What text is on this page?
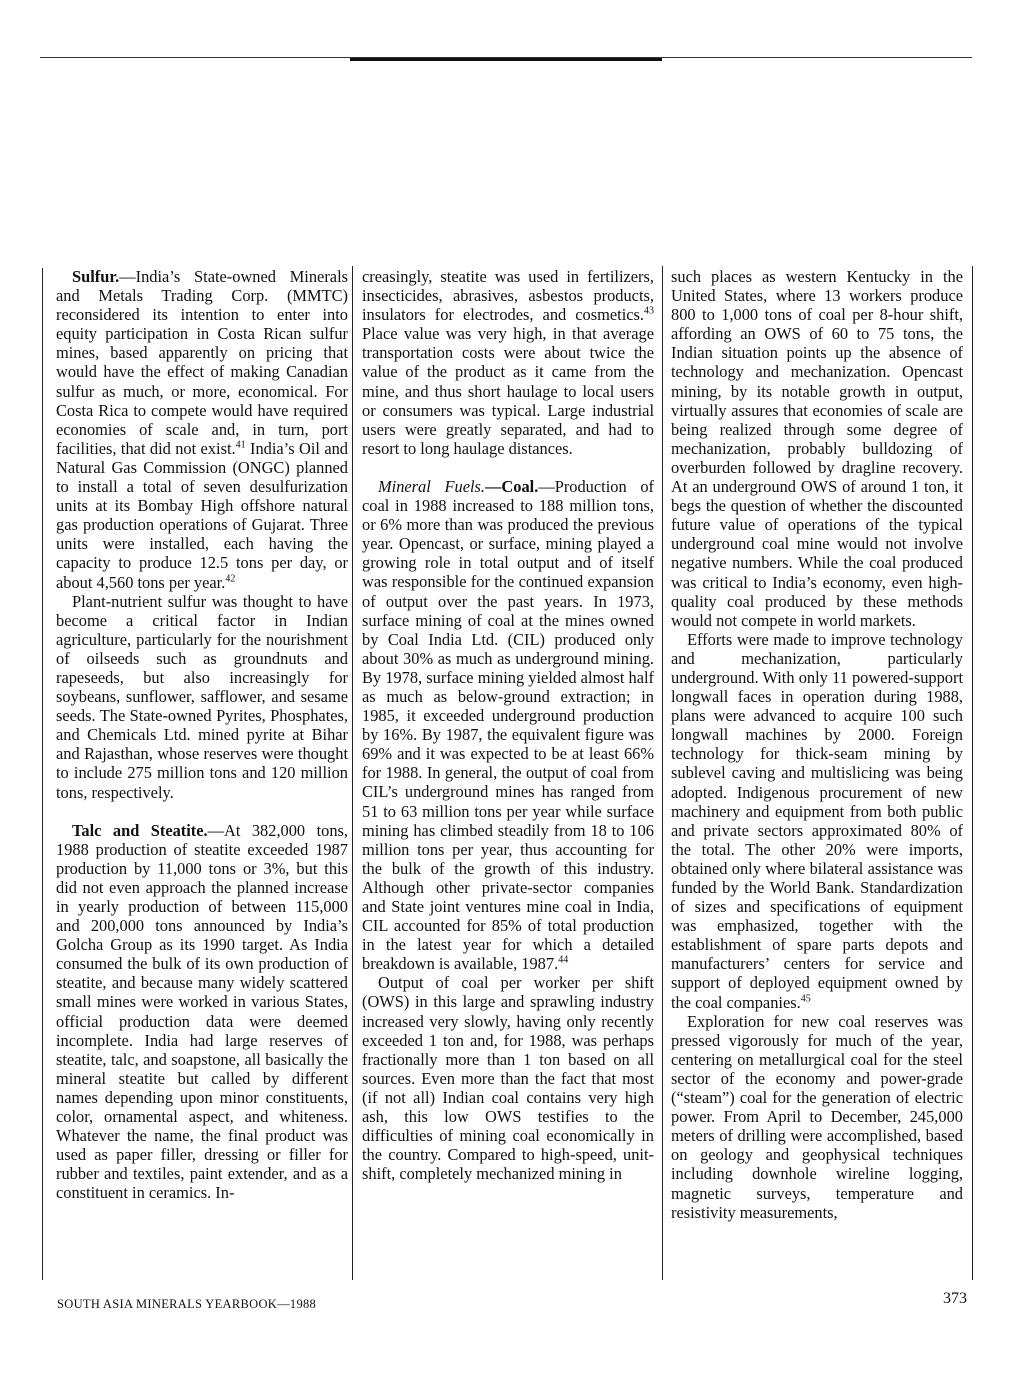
Sulfur.—India’s State-owned Minerals and Metals Trading Corp. (MMTC) reconsidered its intention to enter into equity participation in Costa Rican sulfur mines, based apparently on pricing that would have the effect of making Canadian sulfur as much, or more, economical. For Costa Rica to compete would have required economies of scale and, in turn, port facilities, that did not exist.$^{41}$ India’s Oil and Natural Gas Commission (ONGC) planned to install a total of seven desulfurization units at its Bombay High offshore natural gas production operations of Gujarat. Three units were installed, each having the capacity to produce 12.5 tons per day, or about 4,560 tons per year.$^{42}$

Plant-nutrient sulfur was thought to have become a critical factor in Indian agriculture, particularly for the nourishment of oilseeds such as groundnuts and rapeseeds, but also increasingly for soybeans, sunflower, safflower, and sesame seeds. The State-owned Pyrites, Phosphates, and Chemicals Ltd. mined pyrite at Bihar and Rajasthan, whose reserves were thought to include 275 million tons and 120 million tons, respectively.

Talc and Steatite.—At 382,000 tons, 1988 production of steatite exceeded 1987 production by 11,000 tons or 3%, but this did not even approach the planned increase in yearly production of between 115,000 and 200,000 tons announced by India’s Golcha Group as its 1990 target. As India consumed the bulk of its own production of steatite, and because many widely scattered small mines were worked in various States, official production data were deemed incomplete. India had large reserves of steatite, talc, and soapstone, all basically the mineral steatite but called by different names depending upon minor constituents, color, ornamental aspect, and whiteness. Whatever the name, the final product was used as paper filler, dressing or filler for rubber and textiles, paint extender, and as a constituent in ceramics. In-

creasingly, steatite was used in fertilizers, insecticides, abrasives, asbestos products, insulators for electrodes, and cosmetics.$^{43}$ Place value was very high, in that average transportation costs were about twice the value of the product as it came from the mine, and thus short haulage to local users or consumers was typical. Large industrial users were greatly separated, and had to resort to long haulage distances.

Mineral Fuels.—Coal.—Production of coal in 1988 increased to 188 million tons, or 6% more than was produced the previous year. Opencast, or surface, mining played a growing role in total output and of itself was responsible for the continued expansion of output over the past years. In 1973, surface mining of coal at the mines owned by Coal India Ltd. (CIL) produced only about 30% as much as underground mining. By 1978, surface mining yielded almost half as much as below-ground extraction; in 1985, it exceeded underground production by 16%. By 1987, the equivalent figure was 69% and it was expected to be at least 66% for 1988. In general, the output of coal from CIL’s underground mines has ranged from 51 to 63 million tons per year while surface mining has climbed steadily from 18 to 106 million tons per year, thus accounting for the bulk of the growth of this industry. Although other private-sector companies and State joint ventures mine coal in India, CIL accounted for 85% of total production in the latest year for which a detailed breakdown is available, 1987.44

Output of coal per worker per shift (OWS) in this large and sprawling industry increased very slowly, having only recently exceeded 1 ton and, for 1988, was perhaps fractionally more than 1 ton based on all sources. Even more than the fact that most (if not all) Indian coal contains very high ash, this low OWS testifies to the difficulties of mining coal economically in the country. Compared to high-speed, unit-shift, completely mechanized mining in

such places as western Kentucky in the United States, where 13 workers produce 800 to 1,000 tons of coal per 8-hour shift, affording an OWS of 60 to 75 tons, the Indian situation points up the absence of technology and mechanization. Opencast mining, by its notable growth in output, virtually assures that economies of scale are being realized through some degree of mechanization, probably bulldozing of overburden followed by dragline recovery. At an underground OWS of around 1 ton, it begs the question of whether the discounted future value of operations of the typical underground coal mine would not involve negative numbers. While the coal produced was critical to India’s economy, even high-quality coal produced by these methods would not compete in world markets.

Efforts were made to improve technology and mechanization, particularly underground. With only 11 powered-support longwall faces in operation during 1988, plans were advanced to acquire 100 such longwall machines by 2000. Foreign technology for thick-seam mining by sublevel caving and multislicing was being adopted. Indigenous procurement of new machinery and equipment from both public and private sectors approximated 80% of the total. The other 20% were imports, obtained only where bilateral assistance was funded by the World Bank. Standardization of sizes and specifications of equipment was emphasized, together with the establishment of spare parts depots and manufacturers’ centers for service and support of deployed equipment owned by the coal companies.$^{45}$

Exploration for new coal reserves was pressed vigorously for much of the year, centering on metallurgical coal for the steel sector of the economy and power-grade (“steam”) coal for the generation of electric power. From April to December, 245,000 meters of drilling were accomplished, based on geology and geophysical techniques including downhole wireline logging, magnetic surveys, temperature and resistivity measurements,

SOUTH ASIA MINERALS YEARBOOK—1988	373
